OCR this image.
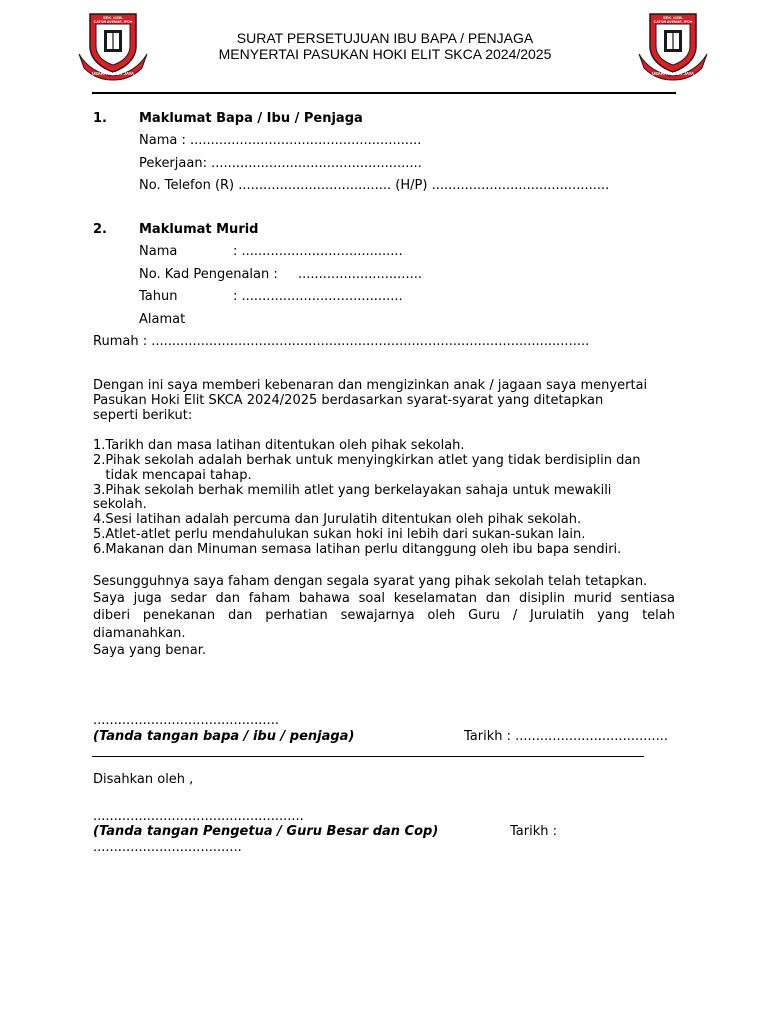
SEK. KEB.
CATOR AVENUE, IPOH
USAHA UNTUK JAYA
SEK. KEB.
CATOR AVENUE, IPOH
USAHA UNTUK JAYA
SURAT PERSETUJUAN IBU BAPA / PENJAGA
MENYERTAI PASUKAN HOKI ELIT SKCA 2024/2025
1. Maklumat Bapa / Ibu / Penjaga
Nama : ........................................................
Pekerjaan: ...................................................
No. Telefon (R) ..................................... (H/P) ...........................................
2. Maklumat Murid
Nama	: .......................................
No. Kad Pengenalan : ..............................
Tahun	: .......................................
Alamat
Rumah : ..........................................................................................................
Dengan ini saya memberi kebenaran dan mengizinkan anak / jagaan saya menyertai
Pasukan Hoki Elit SKCA 2024/2025 berdasarkan syarat-syarat yang ditetapkan
seperti berikut:
1.Tarikh dan masa latihan ditentukan oleh pihak sekolah.
2.Pihak sekolah adalah berhak untuk menyingkirkan atlet yang tidak berdisiplin dan
tidak mencapai tahap.
3.Pihak sekolah berhak memilih atlet yang berkelayakan sahaja untuk mewakili
sekolah.
4.Sesi latihan adalah percuma dan Jurulatih ditentukan oleh pihak sekolah.
5.Atlet-atlet perlu mendahulukan sukan hoki ini lebih dari sukan-sukan lain.
6.Makanan dan Minuman semasa latihan perlu ditanggung oleh ibu bapa sendiri.
Sesungguhnya saya faham dengan segala syarat yang pihak sekolah telah tetapkan.
Saya juga sedar dan faham bahawa soal keselamatan dan disiplin murid sentiasa
diberi penekanan dan perhatian sewajarnya oleh Guru / Jurulatih yang telah
diamanahkan.
Saya yang benar.
.............................................
(Tanda tangan bapa / ibu / penjaga)	Tarikh : .....................................
Disahkan oleh ,
...................................................
(Tanda tangan Pengetua / Guru Besar dan Cop)	Tarikh :
....................................
